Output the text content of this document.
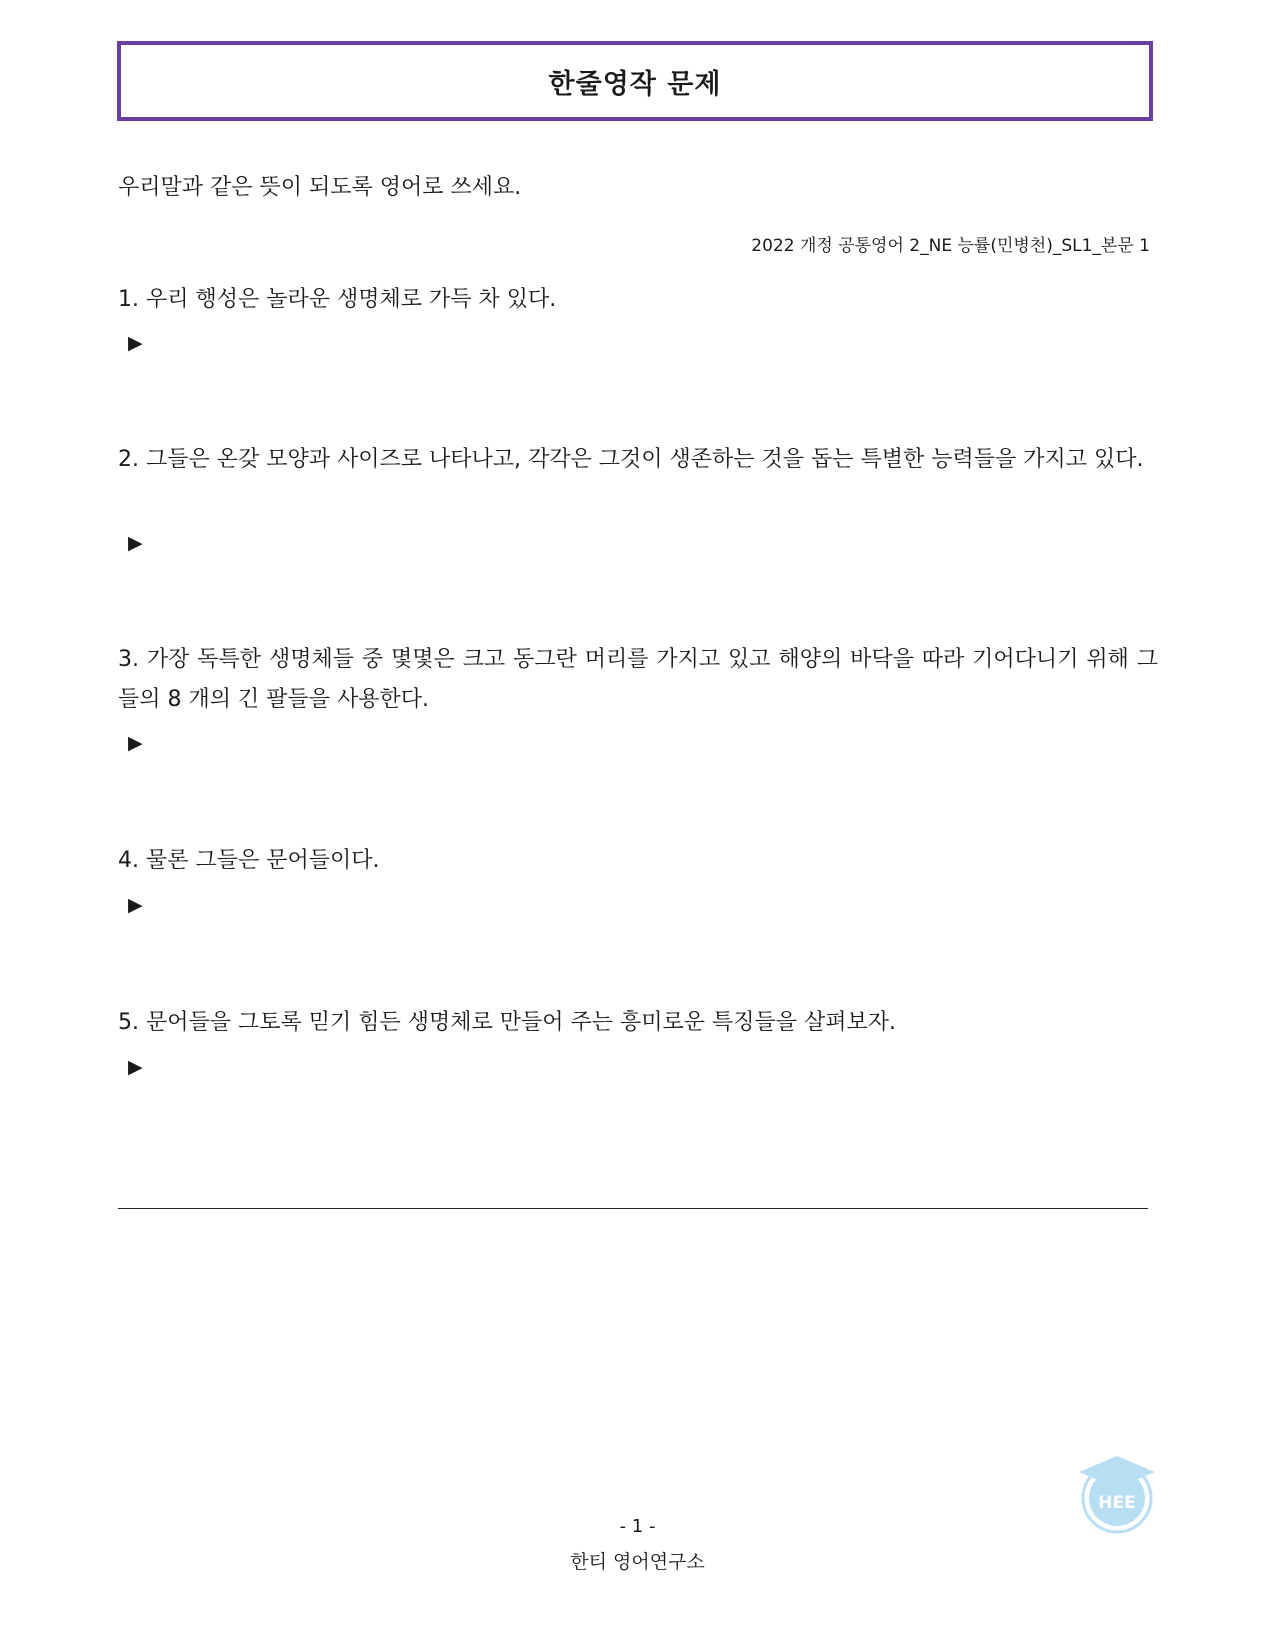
한줄영작 문제
우리말과 같은 뜻이 되도록 영어로 쓰세요.
2022 개정 공통영어 2_NE 능률(민병천)_SL1_본문 1
1. 우리 행성은 놀라운 생명체로 가득 차 있다.
▶
2. 그들은 온갖 모양과 사이즈로 나타나고, 각각은 그것이 생존하는 것을 돕는 특별한 능력들을 가지고 있다.
▶
3. 가장 독특한 생명체들 중 몇몇은 크고 동그란 머리를 가지고 있고 해양의 바닥을 따라 기어다니기 위해 그들의 8 개의 긴 팔들을 사용한다.
▶
4. 물론 그들은 문어들이다.
▶
5. 문어들을 그토록 믿기 힘든 생명체로 만들어 주는 흥미로운 특징들을 살펴보자.
▶
- 1 -
한티 영어연구소
HEE
